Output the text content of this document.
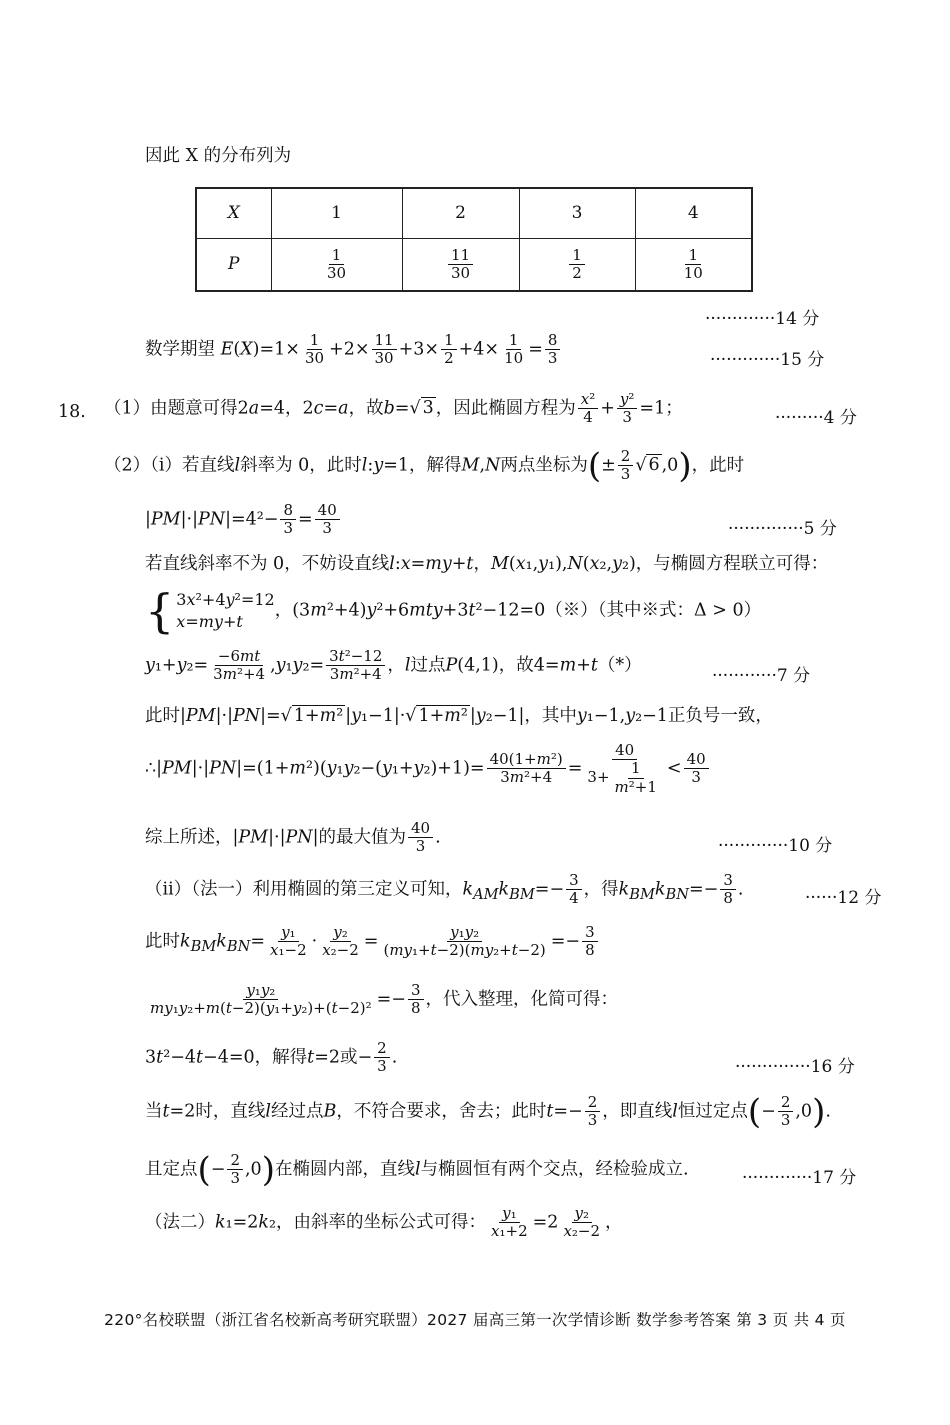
因此 X 的分布列为
X	1	2	3	4
P	$\frac{1}{30}$	$\frac{11}{30}$	$\frac{1}{2}$	$\frac{1}{10}$
·············14 分
数学期望 $E(X)=1\times \frac{1}{30} +2\times \frac{11}{30} +3\times \frac{1}{2} +4\times \frac{1}{10} = \frac{8}{3}$	·············15 分
18. （1）由题意可得2a=4，2c=a，故b=√ 3 ，因此椭圆方程为 $\frac{\text{x²}}{4} + \frac{\text{y²}}{3} =1$；	·········4 分
（2）（ⅰ）若直线l斜率为 0，此时l:y=1，解得M,N两点坐标为(± $\frac{2}{3}$ √ 6 ,0)，此时
$|PM|\cdot|PN|=4^2- \frac{8}{3} = \frac{40}{3}$	··············5 分
若直线斜率不为 0，不妨设直线l:x=my+t，M(x₁,y₁),N(x₂,y₂)，与椭圆方程联立可得：
{ 3x²+4y²=12
x=my+t
，(3m²+4)y²+6mty+3t²−12=0（※）（其中※式：Δ > 0）
$y_1+y_2= \frac{-6mt}{\text{3m²+4}} ,y_1y_2= \frac{\text{3t²−12}}{\text{3m²+4}}$ ，l过点P(4,1)，故4=m+t（*）
············7 分
此时|PM|·|PN|=√ 1+m² |y₁−1|·√ 1+m² |y₂−1|，其中y₁−1,y₂−1正负号一致，
∴|PM|·|PN|=(1+m²)(y₁y₂−(y₁+y₂)+1)= $\frac{\text{40(1+m²)}}{\text{3m²+4}} = \frac{40}{3+ \frac{1}{\text{m²+1}}} < \frac{40}{3}$
综上所述，|PM|·|PN|的最大值为 $\frac{40}{3}$ .	·············10 分
（ⅱ）（法一）利用椭圆的第三定义可知，$k_{AM}k_{BM}=- \frac{3}{4}$ ，得$k_{BM}k_{BN}=- \frac{3}{8}$ .	······12 分
此时$k_{BM}k_{BN}= \frac{\text{y₁}}{\text{x₁−2}} \cdot \frac{\text{y₂}}{\text{x₂−2}} = \frac{\text{y₁y₂}}{\text{(my₁+t−2)(my₂+t−2)}} =- \frac{3}{8}$
$\frac{\text{y₁y₂}}{\text{my₁y₂+m(t−2)(y₁+y₂)+(t−2)²}} =- \frac{3}{8}$ ，代入整理，化简可得：
3t²−4t−4=0，解得t=2或− $\frac{2}{3}$ .	··············16 分
当t=2时，直线l经过点B，不符合要求，舍去；此时$t=- \frac{2}{3}$ ，即直线l恒过定点(− $\frac{2}{3} ,0$).
且定点(− $\frac{2}{3} ,0$)在椭圆内部，直线l与椭圆恒有两个交点，经检验成立.	·············17 分
（法二）k₁=2k₂，由斜率的坐标公式可得： $\frac{\text{y₁}}{\text{x₁+2}} =2 \frac{\text{y₂}}{\text{x₂−2}}$ ，
220°名校联盟（浙江省名校新高考研究联盟）2027 届高三第一次学情诊断 数学参考答案 第 3 页 共 4 页
